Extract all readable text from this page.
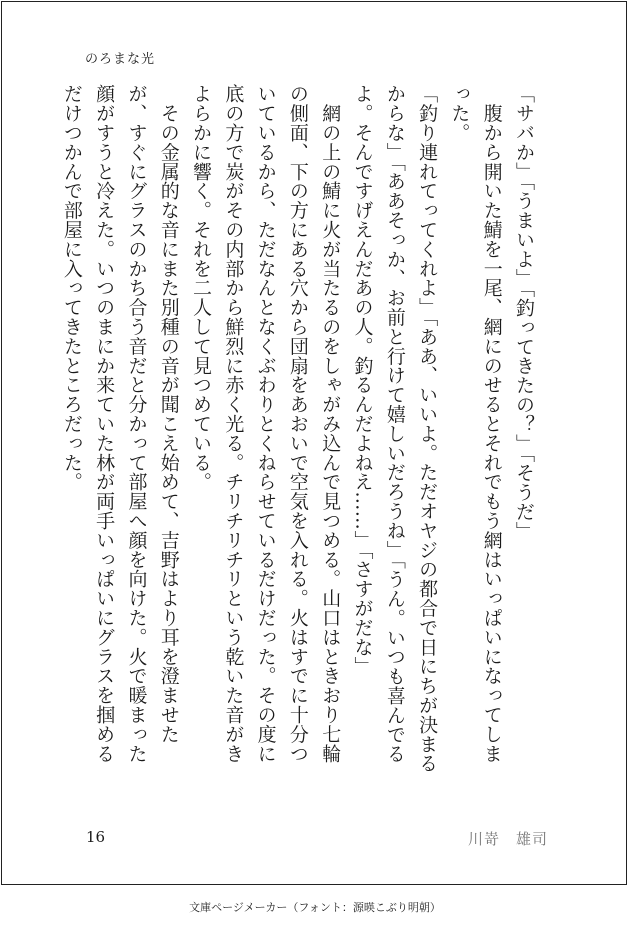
のろまな光

「サバか」「うまいよ」「釣ってきたの？」「そうだ」

　腹から開いた鯖を一尾、網にのせるとそれでもう網はいっぱいになってしまった。

「釣り連れてってくれよ」「ああ、いいよ。ただオヤジの都合で日にちが決まるからな」「ああそっか、お前と行けて嬉しいだろうね」「うん。いつも喜んでるよ。そんですげえんだあの人。釣るんだよねえ……」「さすがだな」

　網の上の鯖に火が当たるのをしゃがみ込んで見つめる。山口はときおり七輪の側面、下の方にある穴から団扇をあおいで空気を入れる。火はすでに十分ついているから、ただなんとなくぶわりとくねらせているだけだった。その度に底の方で炭がその内部から鮮烈に赤く光る。チリチリチリという乾いた音がきよらかに響く。それを二人して見つめている。

　その金属的な音にまた別種の音が聞こえ始めて、吉野はより耳を澄ませたが、すぐにグラスのかち合う音だと分かって部屋へ顔を向けた。火で暖まった顔がすうと冷えた。いつのまにか来ていた林が両手いっぱいにグラスを掴めるだけつかんで部屋に入ってきたところだった。

16	川嵜　雄司
文庫ページメーカー（フォント：源暎こぶり明朝）
